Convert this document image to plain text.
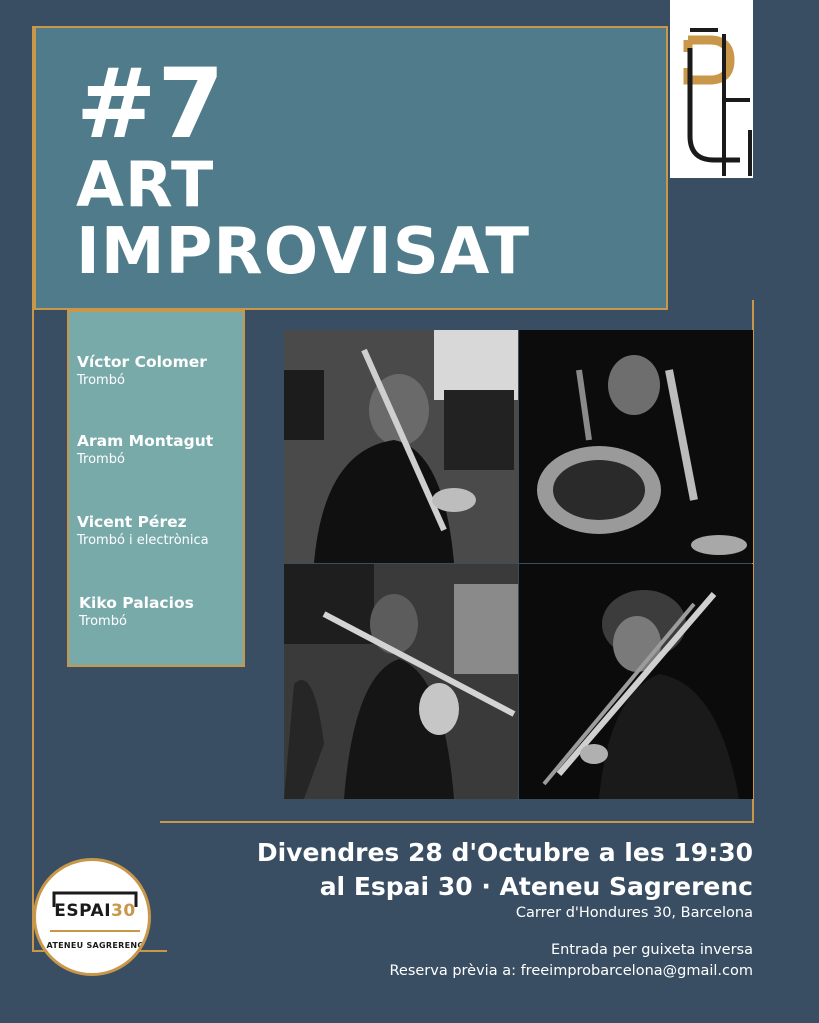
#7
ART
IMPROVISAT
Víctor Colomer
Trombó
Aram Montagut
Trombó
Vicent Pérez
Trombó i electrònica
Kiko Palacios
Trombó
Divendres 28 d'Octubre a les 19:30
al Espai 30 · Ateneu Sagrerenc
Carrer d'Hondures 30, Barcelona
Entrada per guixeta inversa
Reserva prèvia a: freeimprobarcelona@gmail.com
ESPAI30
ATENEU SAGRERENC
